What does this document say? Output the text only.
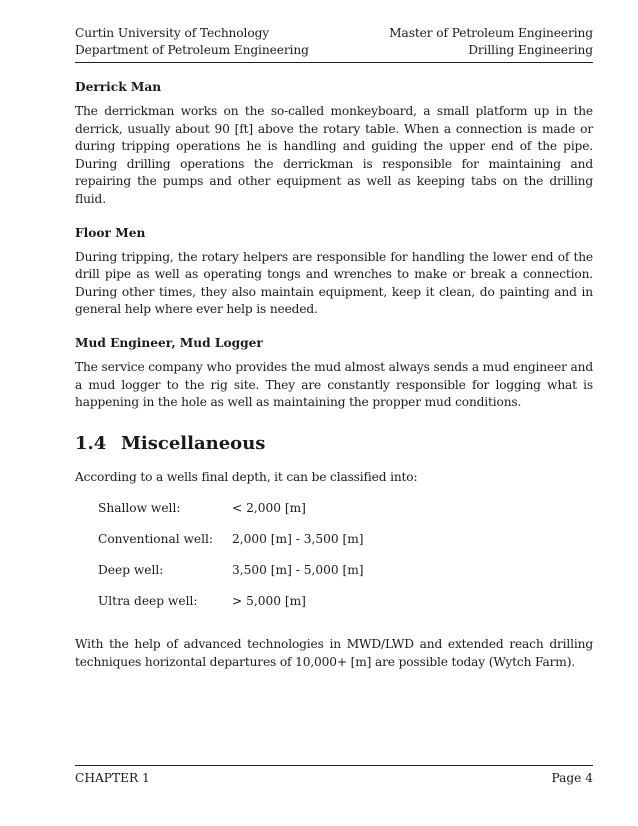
Curtin University of Technology	Master of Petroleum Engineering
Department of Petroleum Engineering	Drilling Engineering
Derrick Man

The derrickman works on the so-called monkeyboard, a small platform up in the derrick, usually about 90 [ft] above the rotary table. When a connection is made or during tripping operations he is handling and guiding the upper end of the pipe. During drilling operations the derrickman is responsible for maintaining and repairing the pumps and other equipment as well as keeping tabs on the drilling fluid.

Floor Men

During tripping, the rotary helpers are responsible for handling the lower end of the drill pipe as well as operating tongs and wrenches to make or break a connection. During other times, they also maintain equipment, keep it clean, do painting and in general help where ever help is needed.

Mud Engineer, Mud Logger

The service company who provides the mud almost always sends a mud engineer and a mud logger to the rig site. They are constantly responsible for logging what is happening in the hole as well as maintaining the propper mud conditions.

1.4 Miscellaneous

According to a wells final depth, it can be classified into:

Shallow well:	< 2,000 [m]
Conventional well:	2,000 [m] - 3,500 [m]
Deep well:	3,500 [m] - 5,000 [m]
Ultra deep well:	> 5,000 [m]

With the help of advanced technologies in MWD/LWD and extended reach drilling techniques horizontal departures of 10,000+ [m] are possible today (Wytch Farm).

CHAPTER 1	Page 4
